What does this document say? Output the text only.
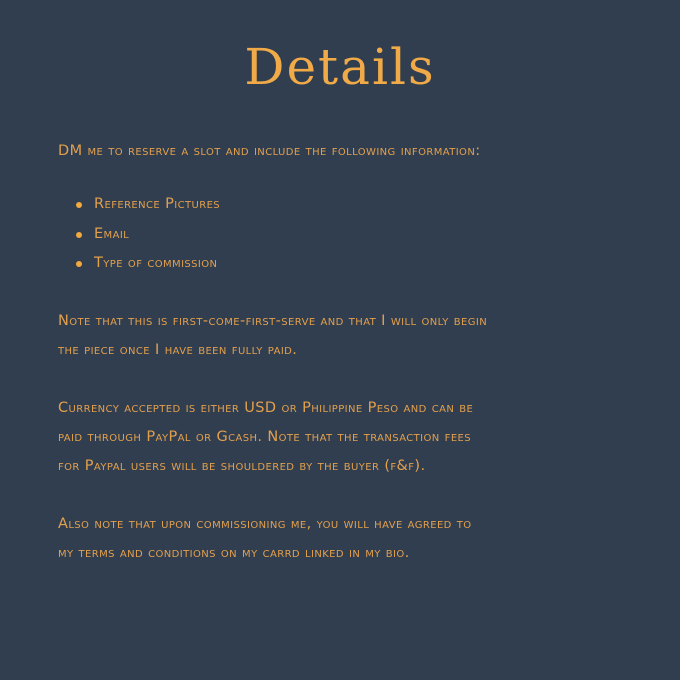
Details

DM me to reserve a slot and include the following information:

Reference Pictures
Email
Type of commission

Note that this is first-come-first-serve and that I will only begin

the piece once I have been fully paid.

Currency accepted is either USD or Philippine Peso and can be

paid through PayPal or Gcash. Note that the transaction fees

for Paypal users will be shouldered by the buyer (f&f).

Also note that upon commissioning me, you will have agreed to

my terms and conditions on my carrd linked in my bio.
